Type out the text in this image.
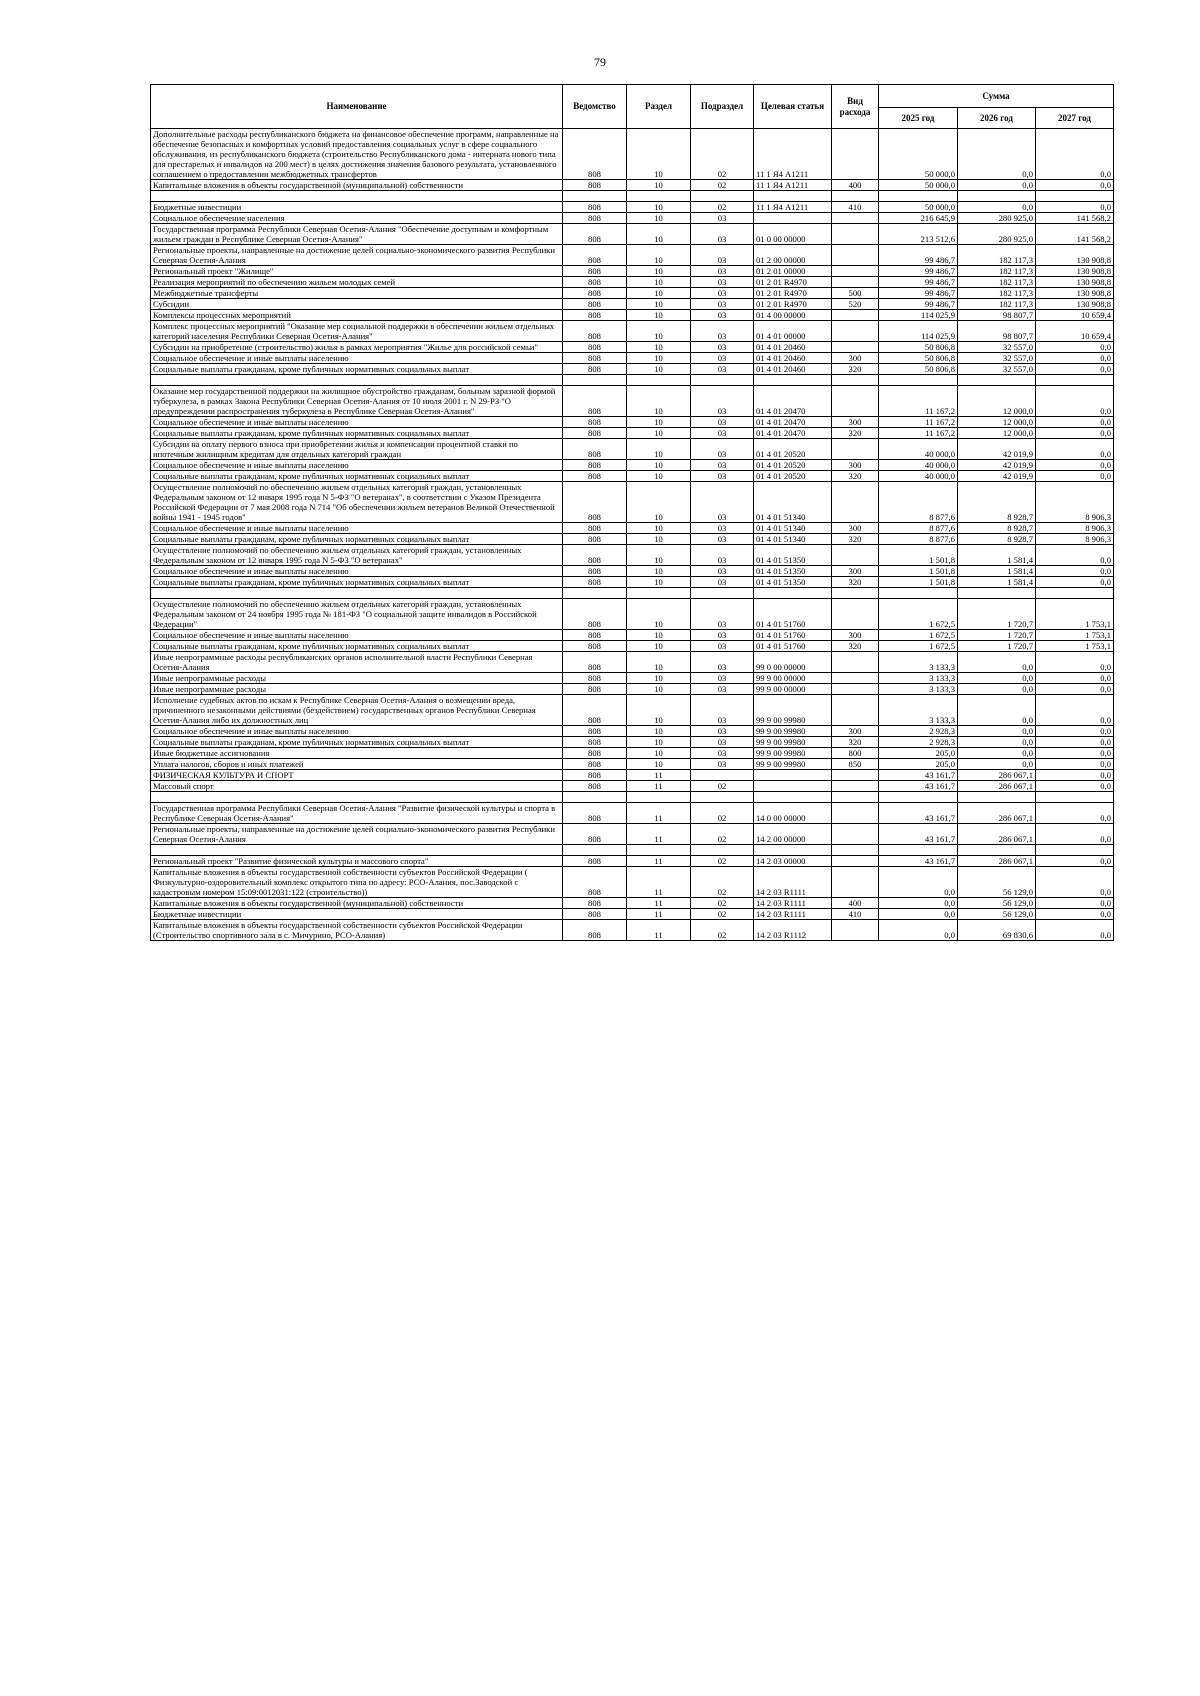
79
Наименование	Ведомство	Раздел	Подраздел	Целевая статья	Вид расхода	Сумма		
						2025 год	2026 год	2027 год
Дополнительные расходы республиканского бюджета на финансовое обеспечение программ, направленные на обеспечение безопасных и комфортных условий предоставления социальных услуг в сфере социального обслуживания, из республиканского бюджета (строительство Республиканского дома - интерната нового типа для престарелых и инвалидов на 200 мест) в целях достижения значения базового результата, установленного соглашением о предоставлении межбюджетных трансфертов	808	10	02	11 1 Я4 А1211		50 000,0	0,0	0,0
Капитальные вложения в объекты государственной (муниципальной) собственности	808	10	02	11 1 Я4 А1211	400	50 000,0	0,0	0,0

Бюджетные инвестиции	808	10	02	11 1 Я4 А1211	410	50 000,0	0,0	0,0
Социальное обеспечение населения	808	10	03			216 645,9	280 925,0	141 568,2
Государственная программа Республики Северная Осетия-Алания "Обеспечение доступным и комфортным жильем граждан в Республике Северная Осетия-Алания"	808	10	03	01 0 00 00000		213 512,6	280 925,0	141 568,2
Региональные проекты, направленные на достижение целей социально-экономического развития Республики Северная Осетия-Алания	808	10	03	01 2 00 00000		99 486,7	182 117,3	130 908,8
Региональный проект "Жилище"	808	10	03	01 2 01 00000		99 486,7	182 117,3	130 908,8
Реализация мероприятий по обеспечению жильем молодых семей	808	10	03	01 2 01 R4970		99 486,7	182 117,3	130 908,8
Межбюджетные трансферты	808	10	03	01 2 01 R4970	500	99 486,7	182 117,3	130 908,8
Субсидии	808	10	03	01 2 01 R4970	520	99 486,7	182 117,3	130 908,8
Комплексы процессных мероприятий	808	10	03	01 4 00 00000		114 025,9	98 807,7	10 659,4
Комплекс процессных мероприятий "Оказание мер социальной поддержки в обеспечении жильем отдельных категорий населения Республики Северная Осетия-Алания"	808	10	03	01 4 01 00000		114 025,9	98 807,7	10 659,4
Субсидии на приобретение (строительство) жилья в рамках мероприятия "Жилье для российской семьи"	808	10	03	01 4 01 20460		50 806,8	32 557,0	0,0
Социальное обеспечение и иные выплаты населению	808	10	03	01 4 01 20460	300	50 806,8	32 557,0	0,0
Социальные выплаты гражданам, кроме публичных нормативных социальных выплат	808	10	03	01 4 01 20460	320	50 806,8	32 557,0	0,0

Оказание мер государственной поддержки на жилищное обустройство гражданам, больным заразной формой туберкулеза, в рамках Закона Республики Северная Осетия-Алания от 10 июля 2001 г. N 29-РЗ "О предупреждении распространения туберкулеза в Республике Северная Осетия-Алания"	808	10	03	01 4 01 20470		11 167,2	12 000,0	0,0
Социальное обеспечение и иные выплаты населению	808	10	03	01 4 01 20470	300	11 167,2	12 000,0	0,0
Социальные выплаты гражданам, кроме публичных нормативных социальных выплат	808	10	03	01 4 01 20470	320	11 167,2	12 000,0	0,0
Субсидии на оплату первого взноса при приобретении жилья и компенсации процентной ставки по ипотечным жилищным кредитам для отдельных категорий граждан	808	10	03	01 4 01 20520		40 000,0	42 019,9	0,0
Социальное обеспечение и иные выплаты населению	808	10	03	01 4 01 20520	300	40 000,0	42 019,9	0,0
Социальные выплаты гражданам, кроме публичных нормативных социальных выплат	808	10	03	01 4 01 20520	320	40 000,0	42 019,9	0,0
Осуществление полномочий по обеспечению жильем отдельных категорий граждан, установленных Федеральным законом от 12 января 1995 года N 5-ФЗ "О ветеранах", в соответствии с Указом Президента Российской Федерации от 7 мая 2008 года N 714 "Об обеспечении жильем ветеранов Великой Отечественной войны 1941 - 1945 годов"	808	10	03	01 4 01 51340		8 877,6	8 928,7	8 906,3
Социальное обеспечение и иные выплаты населению	808	10	03	01 4 01 51340	300	8 877,6	8 928,7	8 906,3
Социальные выплаты гражданам, кроме публичных нормативных социальных выплат	808	10	03	01 4 01 51340	320	8 877,6	8 928,7	8 906,3
Осуществление полномочий по обеспечению жильем отдельных категорий граждан, установленных Федеральным законом от 12 января 1995 года N 5-ФЗ "О ветеранах"	808	10	03	01 4 01 51350		1 501,8	1 581,4	0,0
Социальное обеспечение и иные выплаты населению	808	10	03	01 4 01 51350	300	1 501,8	1 581,4	0,0
Социальные выплаты гражданам, кроме публичных нормативных социальных выплат	808	10	03	01 4 01 51350	320	1 501,8	1 581,4	0,0

Осуществление полномочий по обеспечению жильем отдельных категорий граждан, установленных Федеральным законом от 24 ноября 1995 года № 181-ФЗ "О социальной защите инвалидов в Российской Федерации"	808	10	03	01 4 01 51760		1 672,5	1 720,7	1 753,1
Социальное обеспечение и иные выплаты населению	808	10	03	01 4 01 51760	300	1 672,5	1 720,7	1 753,1
Социальные выплаты гражданам, кроме публичных нормативных социальных выплат	808	10	03	01 4 01 51760	320	1 672,5	1 720,7	1 753,1
Иные непрограммные расходы республиканских органов исполнительной власти Республики Северная Осетия-Алания	808	10	03	99 0 00 00000		3 133,3	0,0	0,0
Иные непрограммные расходы	808	10	03	99 9 00 00000		3 133,3	0,0	0,0
Иные непрограммные расходы	808	10	03	99 9 00 00000		3 133,3	0,0	0,0
Исполнение судебных актов по искам к Республике Северная Осетия-Алания о возмещении вреда, причиненного незаконными действиями (бездействием) государственных органов Республики Северная Осетия-Алания либо их должностных лиц	808	10	03	99 9 00 99980		3 133,3	0,0	0,0
Социальное обеспечение и иные выплаты населению	808	10	03	99 9 00 99980	300	2 928,3	0,0	0,0
Социальные выплаты гражданам, кроме публичных нормативных социальных выплат	808	10	03	99 9 00 99980	320	2 928,3	0,0	0,0
Иные бюджетные ассигнования	808	10	03	99 9 00 99980	800	205,0	0,0	0,0
Уплата налогов, сборов и иных платежей	808	10	03	99 9 00 99980	850	205,0	0,0	0,0
ФИЗИЧЕСКАЯ КУЛЬТУРА И СПОРТ	808	11				43 161,7	286 067,1	0,0
Массовый спорт	808	11	02			43 161,7	286 067,1	0,0

Государственная программа Республики Северная Осетия-Алания "Развитие физической культуры и спорта в Республике Северная Осетия-Алания"	808	11	02	14 0 00 00000		43 161,7	286 067,1	0,0
Региональные проекты, направленные на достижение целей социально-экономического развития Республики Северная Осетия-Алания	808	11	02	14 2 00 00000		43 161,7	286 067,1	0,0

Региональный проект "Развитие физической культуры и массового спорта"	808	11	02	14 2 03 00000		43 161,7	286 067,1	0,0
Капитальные вложения в объекты государственной собственности субъектов Российской Федерации ( Физкультурно-оздоровительный комплекс открытого типа по адресу: РСО-Алания, пос.Заводской с кадастровым номером 15:09:0012031:122 (строительство))	808	11	02	14 2 03 R1111		0,0	56 129,0	0,0
Капитальные вложения в объекты государственной (муниципальной) собственности	808	11	02	14 2 03 R1111	400	0,0	56 129,0	0,0
Бюджетные инвестиции	808	11	02	14 2 03 R1111	410	0,0	56 129,0	0,0
Капитальные вложения в объекты государственной собственности субъектов Российской Федерации (Строительство спортивного зала в с. Мичурино, РСО-Алания)	808	11	02	14 2 03 R1112		0,0	69 830,6	0,0
